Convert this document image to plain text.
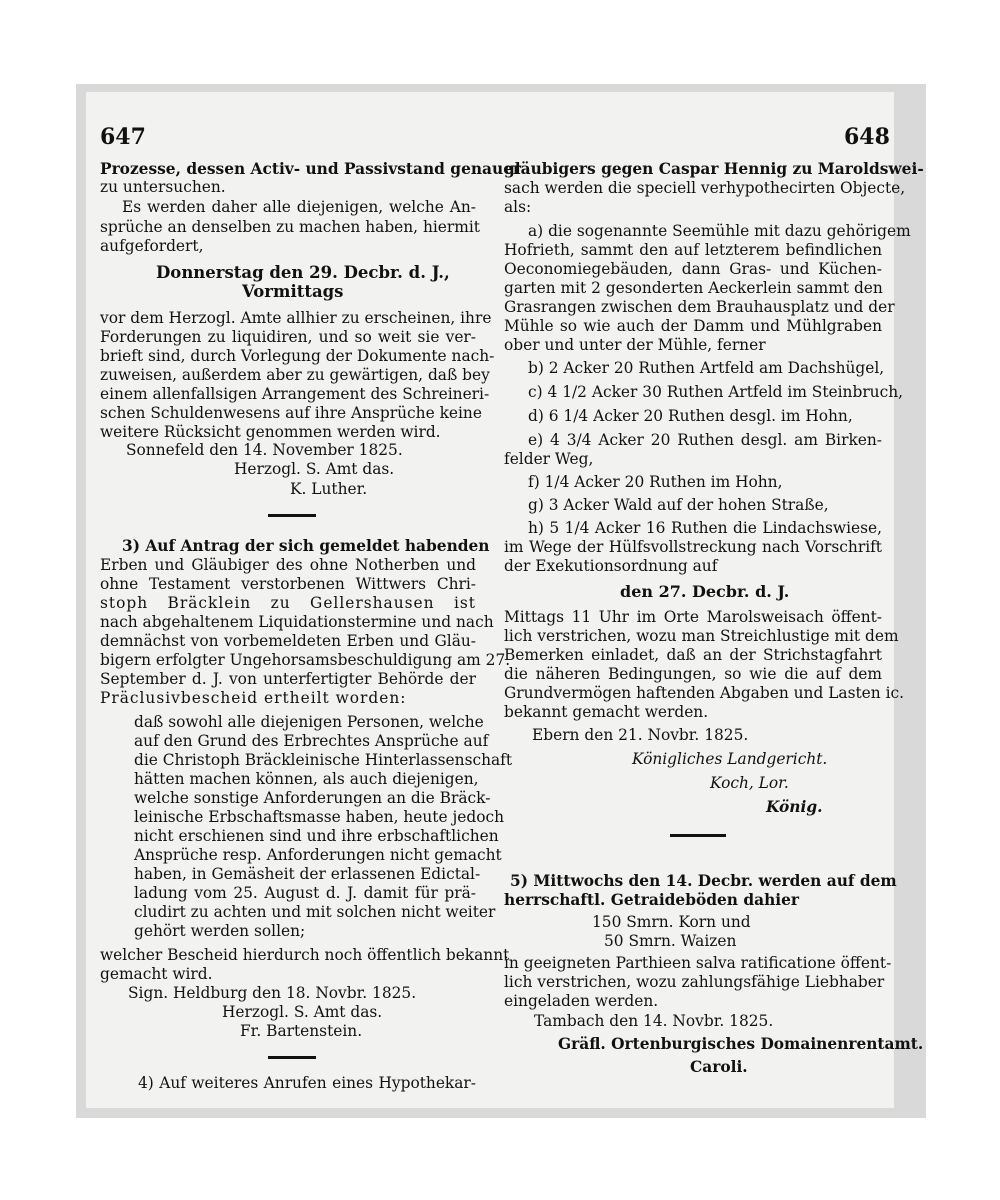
647	648
Prozesse, dessen Activ- und Passivstand genauer
zu untersuchen.
Es werden daher alle diejenigen, welche An-
sprüche an denselben zu machen haben, hiermit
aufgefordert,
Donnerstag den 29. Decbr. d. J.,
Vormittags
vor dem Herzogl. Amte allhier zu erscheinen, ihre
Forderungen zu liquidiren, und so weit sie ver-
brieft sind, durch Vorlegung der Dokumente nach-
zuweisen, außerdem aber zu gewärtigen, daß bey
einem allenfallsigen Arrangement des Schreineri-
schen Schuldenwesens auf ihre Ansprüche keine
weitere Rücksicht genommen werden wird.
Sonnefeld den 14. November 1825.
Herzogl. S. Amt das.
K. Luther.
3) Auf Antrag der sich gemeldet habenden
Erben und Gläubiger des ohne Notherben und
ohne Testament verstorbenen Wittwers Chri-
stoph Bräcklein zu Gellershausen ist
nach abgehaltenem Liquidationstermine und nach
demnächst von vorbemeldeten Erben und Gläu-
bigern erfolgter Ungehorsamsbeschuldigung am 27.
September d. J. von unterfertigter Behörde der
Präclusivbescheid ertheilt worden:
daß sowohl alle diejenigen Personen, welche
auf den Grund des Erbrechtes Ansprüche auf
die Christoph Bräckleinische Hinterlassenschaft
hätten machen können, als auch diejenigen,
welche sonstige Anforderungen an die Bräck-
leinische Erbschaftsmasse haben, heute jedoch
nicht erschienen sind und ihre erbschaftlichen
Ansprüche resp. Anforderungen nicht gemacht
haben, in Gemäsheit der erlassenen Edictal-
ladung vom 25. August d. J. damit für prä-
cludirt zu achten und mit solchen nicht weiter
gehört werden sollen;
welcher Bescheid hierdurch noch öffentlich bekannt
gemacht wird.
Sign. Heldburg den 18. Novbr. 1825.
Herzogl. S. Amt das.
Fr. Bartenstein.
4) Auf weiteres Anrufen eines Hypothekar-
gläubigers gegen Caspar Hennig zu Maroldswei-
sach werden die speciell verhypothecirten Objecte,
als:
a) die sogenannte Seemühle mit dazu gehörigem
Hofrieth, sammt den auf letzterem befindlichen
Oeconomiegebäuden, dann Gras- und Küchen-
garten mit 2 gesonderten Aeckerlein sammt den
Grasrangen zwischen dem Brauhausplatz und der
Mühle so wie auch der Damm und Mühlgraben
ober und unter der Mühle, ferner
b) 2 Acker 20 Ruthen Artfeld am Dachshügel,
c) 4 1/2 Acker 30 Ruthen Artfeld im Steinbruch,
d) 6 1/4 Acker 20 Ruthen desgl. im Hohn,
e) 4 3/4 Acker 20 Ruthen desgl. am Birken-
felder Weg,
f) 1/4 Acker 20 Ruthen im Hohn,
g) 3 Acker Wald auf der hohen Straße,
h) 5 1/4 Acker 16 Ruthen die Lindachswiese,
im Wege der Hülfsvollstreckung nach Vorschrift
der Exekutionsordnung auf
den 27. Decbr. d. J.
Mittags 11 Uhr im Orte Marolsweisach öffent-
lich verstrichen, wozu man Streichlustige mit dem
Bemerken einladet, daß an der Strichstagfahrt
die näheren Bedingungen, so wie die auf dem
Grundvermögen haftenden Abgaben und Lasten ic.
bekannt gemacht werden.
Ebern den 21. Novbr. 1825.
Königliches Landgericht.
Koch, Lor.
König.
5) Mittwochs den 14. Decbr. werden auf dem
herrschaftl. Getraideböden dahier
150 Smrn. Korn und
50 Smrn. Waizen
in geeigneten Parthieen salva ratificatione öffent-
lich verstrichen, wozu zahlungsfähige Liebhaber
eingeladen werden.
Tambach den 14. Novbr. 1825.
Gräfl. Ortenburgisches Domainenrentamt.
Caroli.
